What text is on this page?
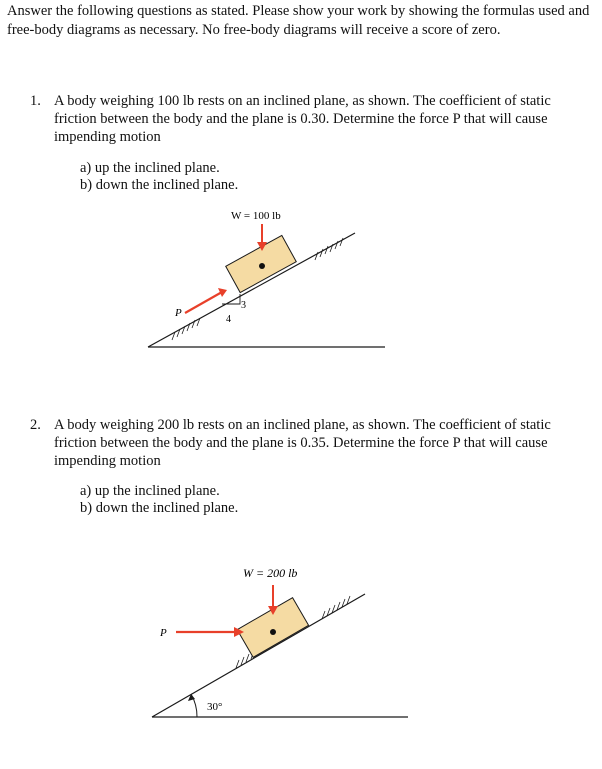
Answer the following questions as stated. Please show your work by showing the formulas used and free-body diagrams as necessary. No free-body diagrams will receive a score of zero.
1. A body weighing 100 lb rests on an inclined plane, as shown. The coefficient of static friction between the body and the plane is 0.30. Determine the force P that will cause impending motion
a) up the inclined plane.
b) down the inclined plane.
4
3
W = 100 lb
P
2. A body weighing 200 lb rests on an inclined plane, as shown. The coefficient of static friction between the body and the plane is 0.35. Determine the force P that will cause impending motion
a) up the inclined plane.
b) down the inclined plane.
30°
W = 200 lb
P
